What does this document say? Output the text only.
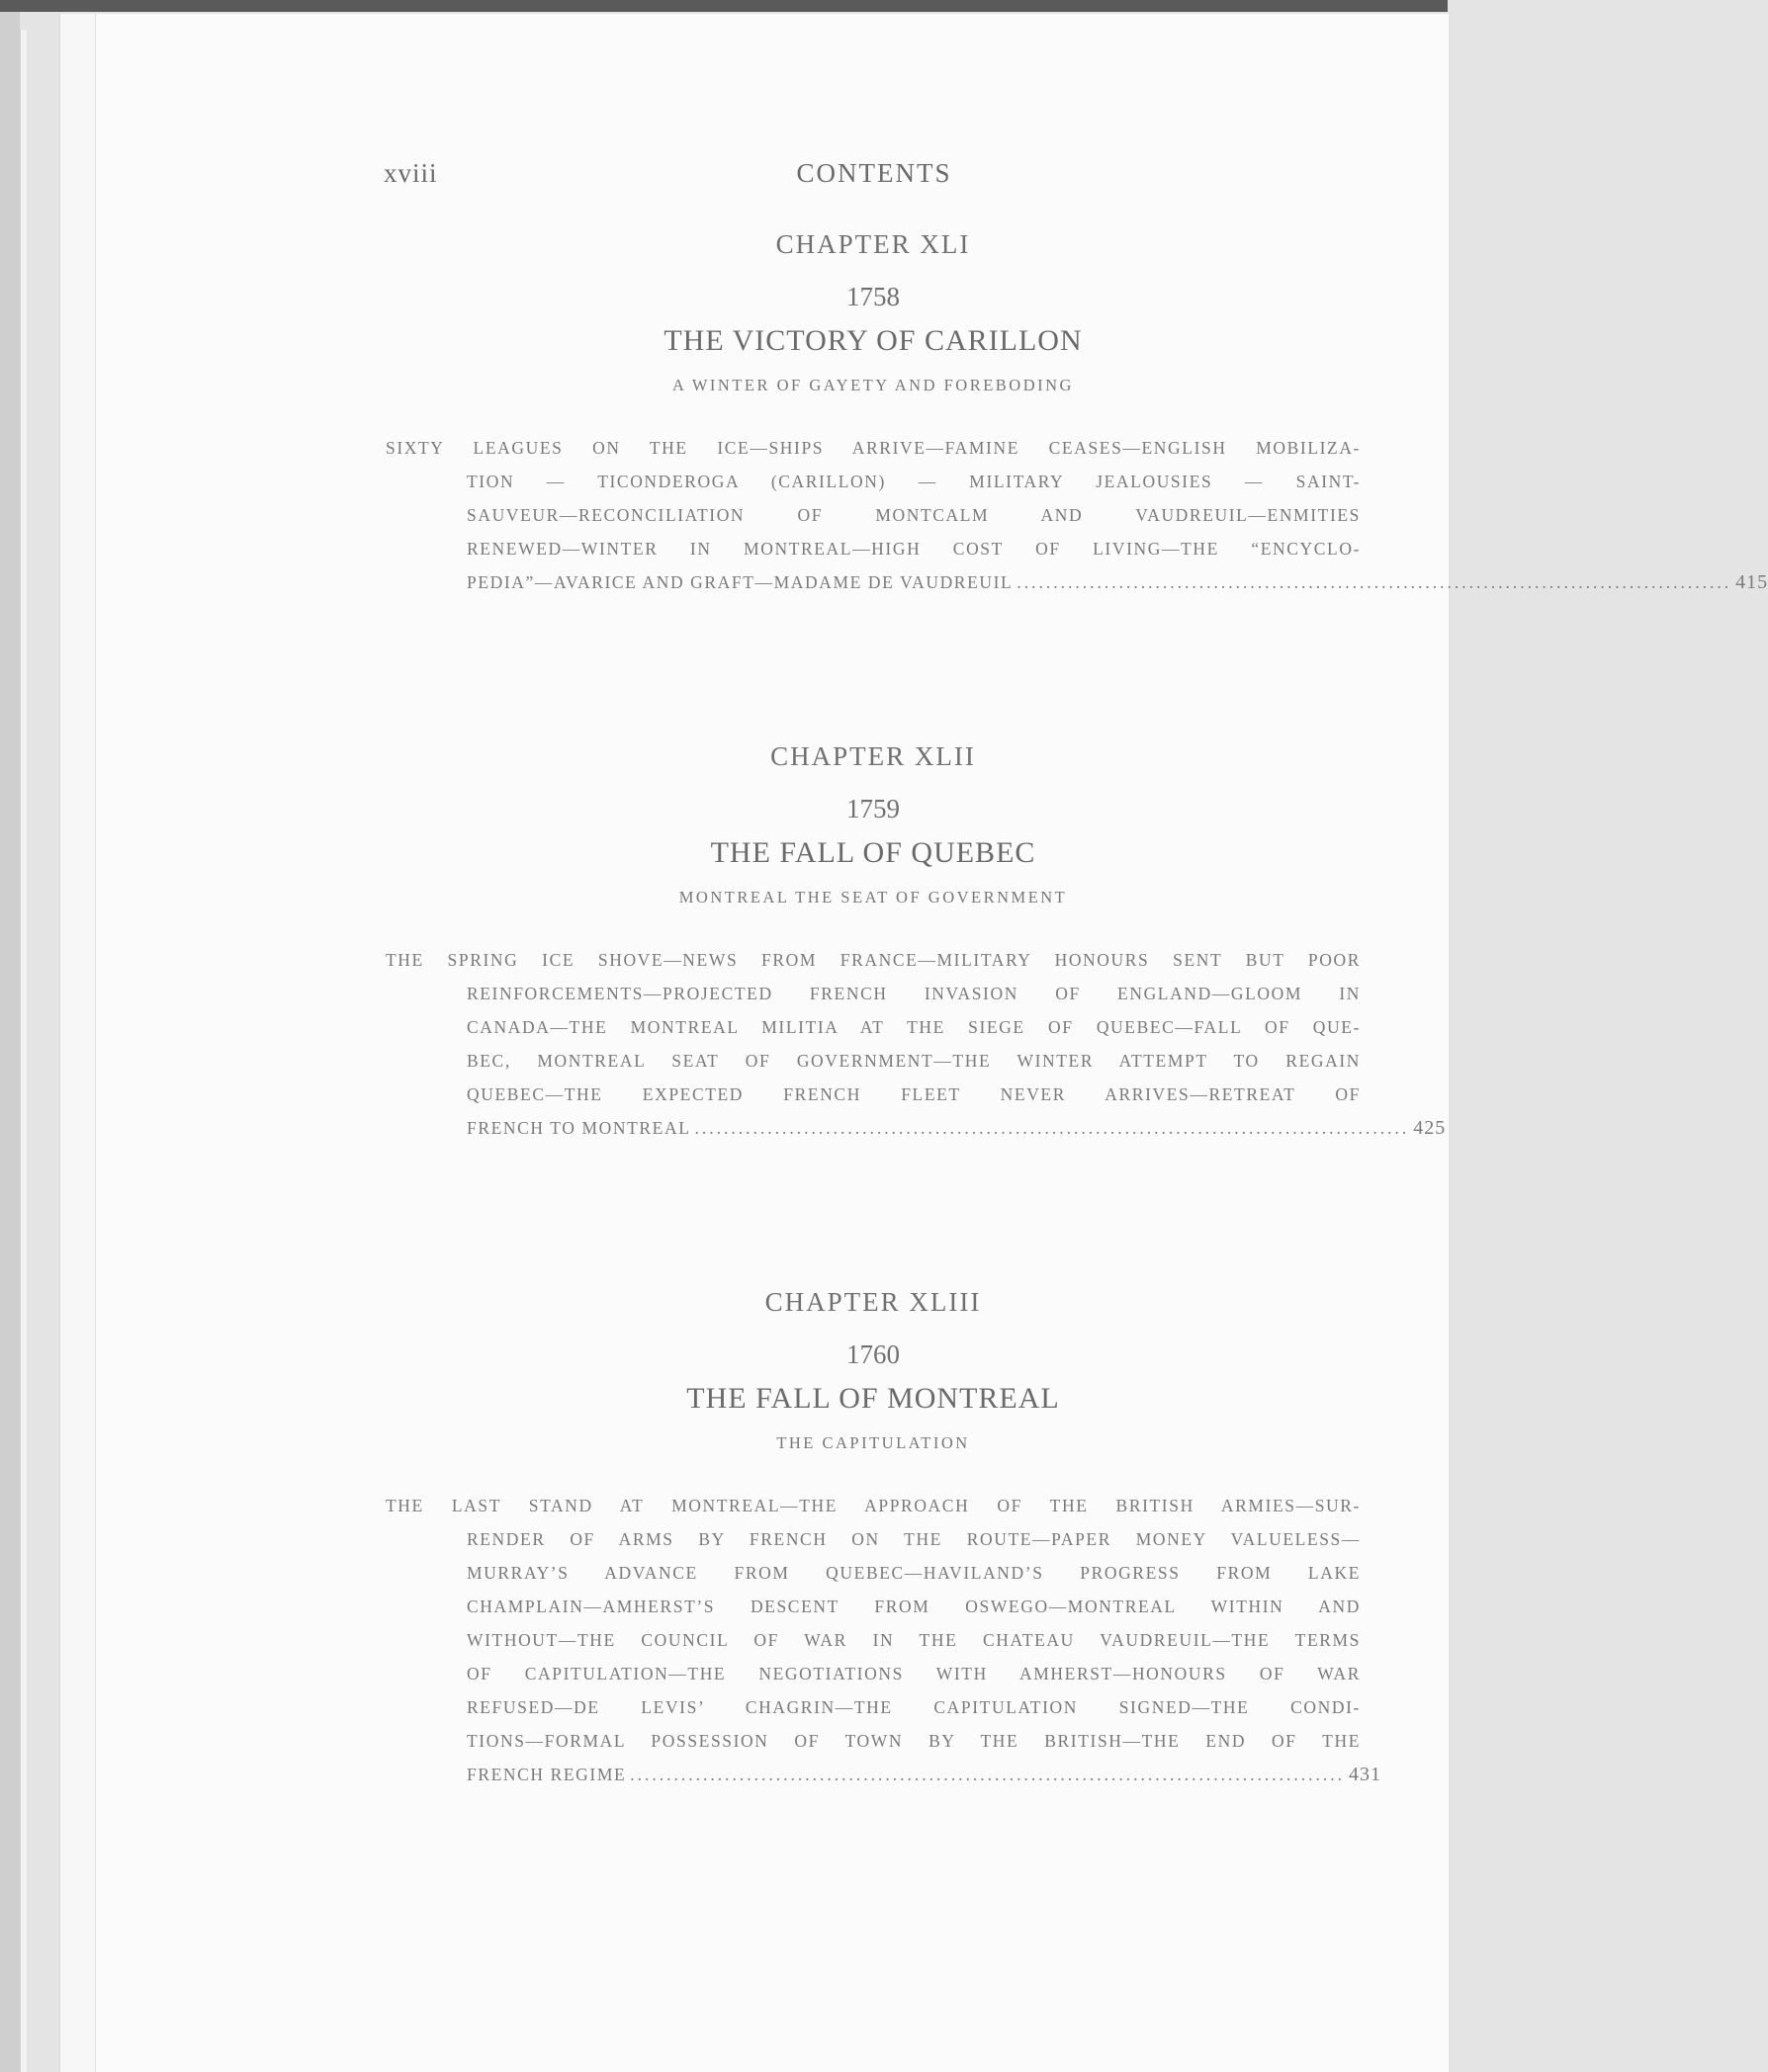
xviii	CONTENTS
CHAPTER XLI
1758
THE VICTORY OF CARILLON
A WINTER OF GAYETY AND FOREBODING
SIXTY LEAGUES ON THE ICE—SHIPS ARRIVE—FAMINE CEASES—ENGLISH MOBILIZA-
TION — TICONDEROGA (CARILLON) — MILITARY JEALOUSIES — SAINT-
SAUVEUR—RECONCILIATION OF MONTCALM AND VAUDREUIL—ENMITIES
RENEWED—WINTER IN MONTREAL—HIGH COST OF LIVING—THE “ENCYCLO-
PEDIA”—AVARICE AND GRAFT—MADAME DE VAUDREUIL .................................................................................................. 415
CHAPTER XLII
1759
THE FALL OF QUEBEC
MONTREAL THE SEAT OF GOVERNMENT
THE SPRING ICE SHOVE—NEWS FROM FRANCE—MILITARY HONOURS SENT BUT POOR
REINFORCEMENTS—PROJECTED FRENCH INVASION OF ENGLAND—GLOOM IN
CANADA—THE MONTREAL MILITIA AT THE SIEGE OF QUEBEC—FALL OF QUE-
BEC, MONTREAL SEAT OF GOVERNMENT—THE WINTER ATTEMPT TO REGAIN
QUEBEC—THE EXPECTED FRENCH FLEET NEVER ARRIVES—RETREAT OF
FRENCH TO MONTREAL .................................................................................................. 425
CHAPTER XLIII
1760
THE FALL OF MONTREAL
THE CAPITULATION
THE LAST STAND AT MONTREAL—THE APPROACH OF THE BRITISH ARMIES—SUR-
RENDER OF ARMS BY FRENCH ON THE ROUTE—PAPER MONEY VALUELESS—
MURRAY’S ADVANCE FROM QUEBEC—HAVILAND’S PROGRESS FROM LAKE
CHAMPLAIN—AMHERST’S DESCENT FROM OSWEGO—MONTREAL WITHIN AND
WITHOUT—THE COUNCIL OF WAR IN THE CHATEAU VAUDREUIL—THE TERMS
OF CAPITULATION—THE NEGOTIATIONS WITH AMHERST—HONOURS OF WAR
REFUSED—DE LEVIS’ CHAGRIN—THE CAPITULATION SIGNED—THE CONDI-
TIONS—FORMAL POSSESSION OF TOWN BY THE BRITISH—THE END OF THE
FRENCH REGIME .................................................................................................. 431
